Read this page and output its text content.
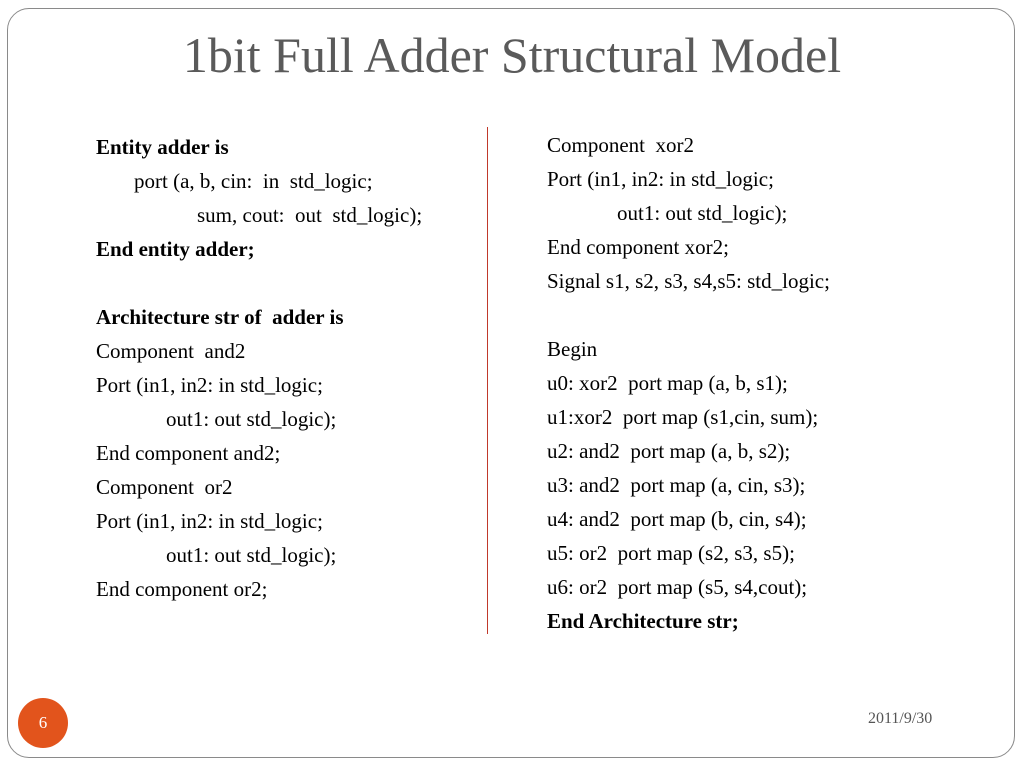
1bit Full Adder Structural Model
Entity adder is
port (a, b, cin:  in  std_logic;
sum, cout:  out  std_logic);
End entity adder;
Architecture str of  adder is
Component  and2
Port (in1, in2: in std_logic;
out1: out std_logic);
End component and2;
Component  or2
Port (in1, in2: in std_logic;
out1: out std_logic);
End component or2;
Component  xor2
Port (in1, in2: in std_logic;
out1: out std_logic);
End component xor2;
Signal s1, s2, s3, s4,s5: std_logic;
Begin
u0: xor2  port map (a, b, s1);
u1:xor2  port map (s1,cin, sum);
u2: and2  port map (a, b, s2);
u3: and2  port map (a, cin, s3);
u4: and2  port map (b, cin, s4);
u5: or2  port map (s2, s3, s5);
u6: or2  port map (s5, s4,cout);
End Architecture str;
6	2011/9/30
